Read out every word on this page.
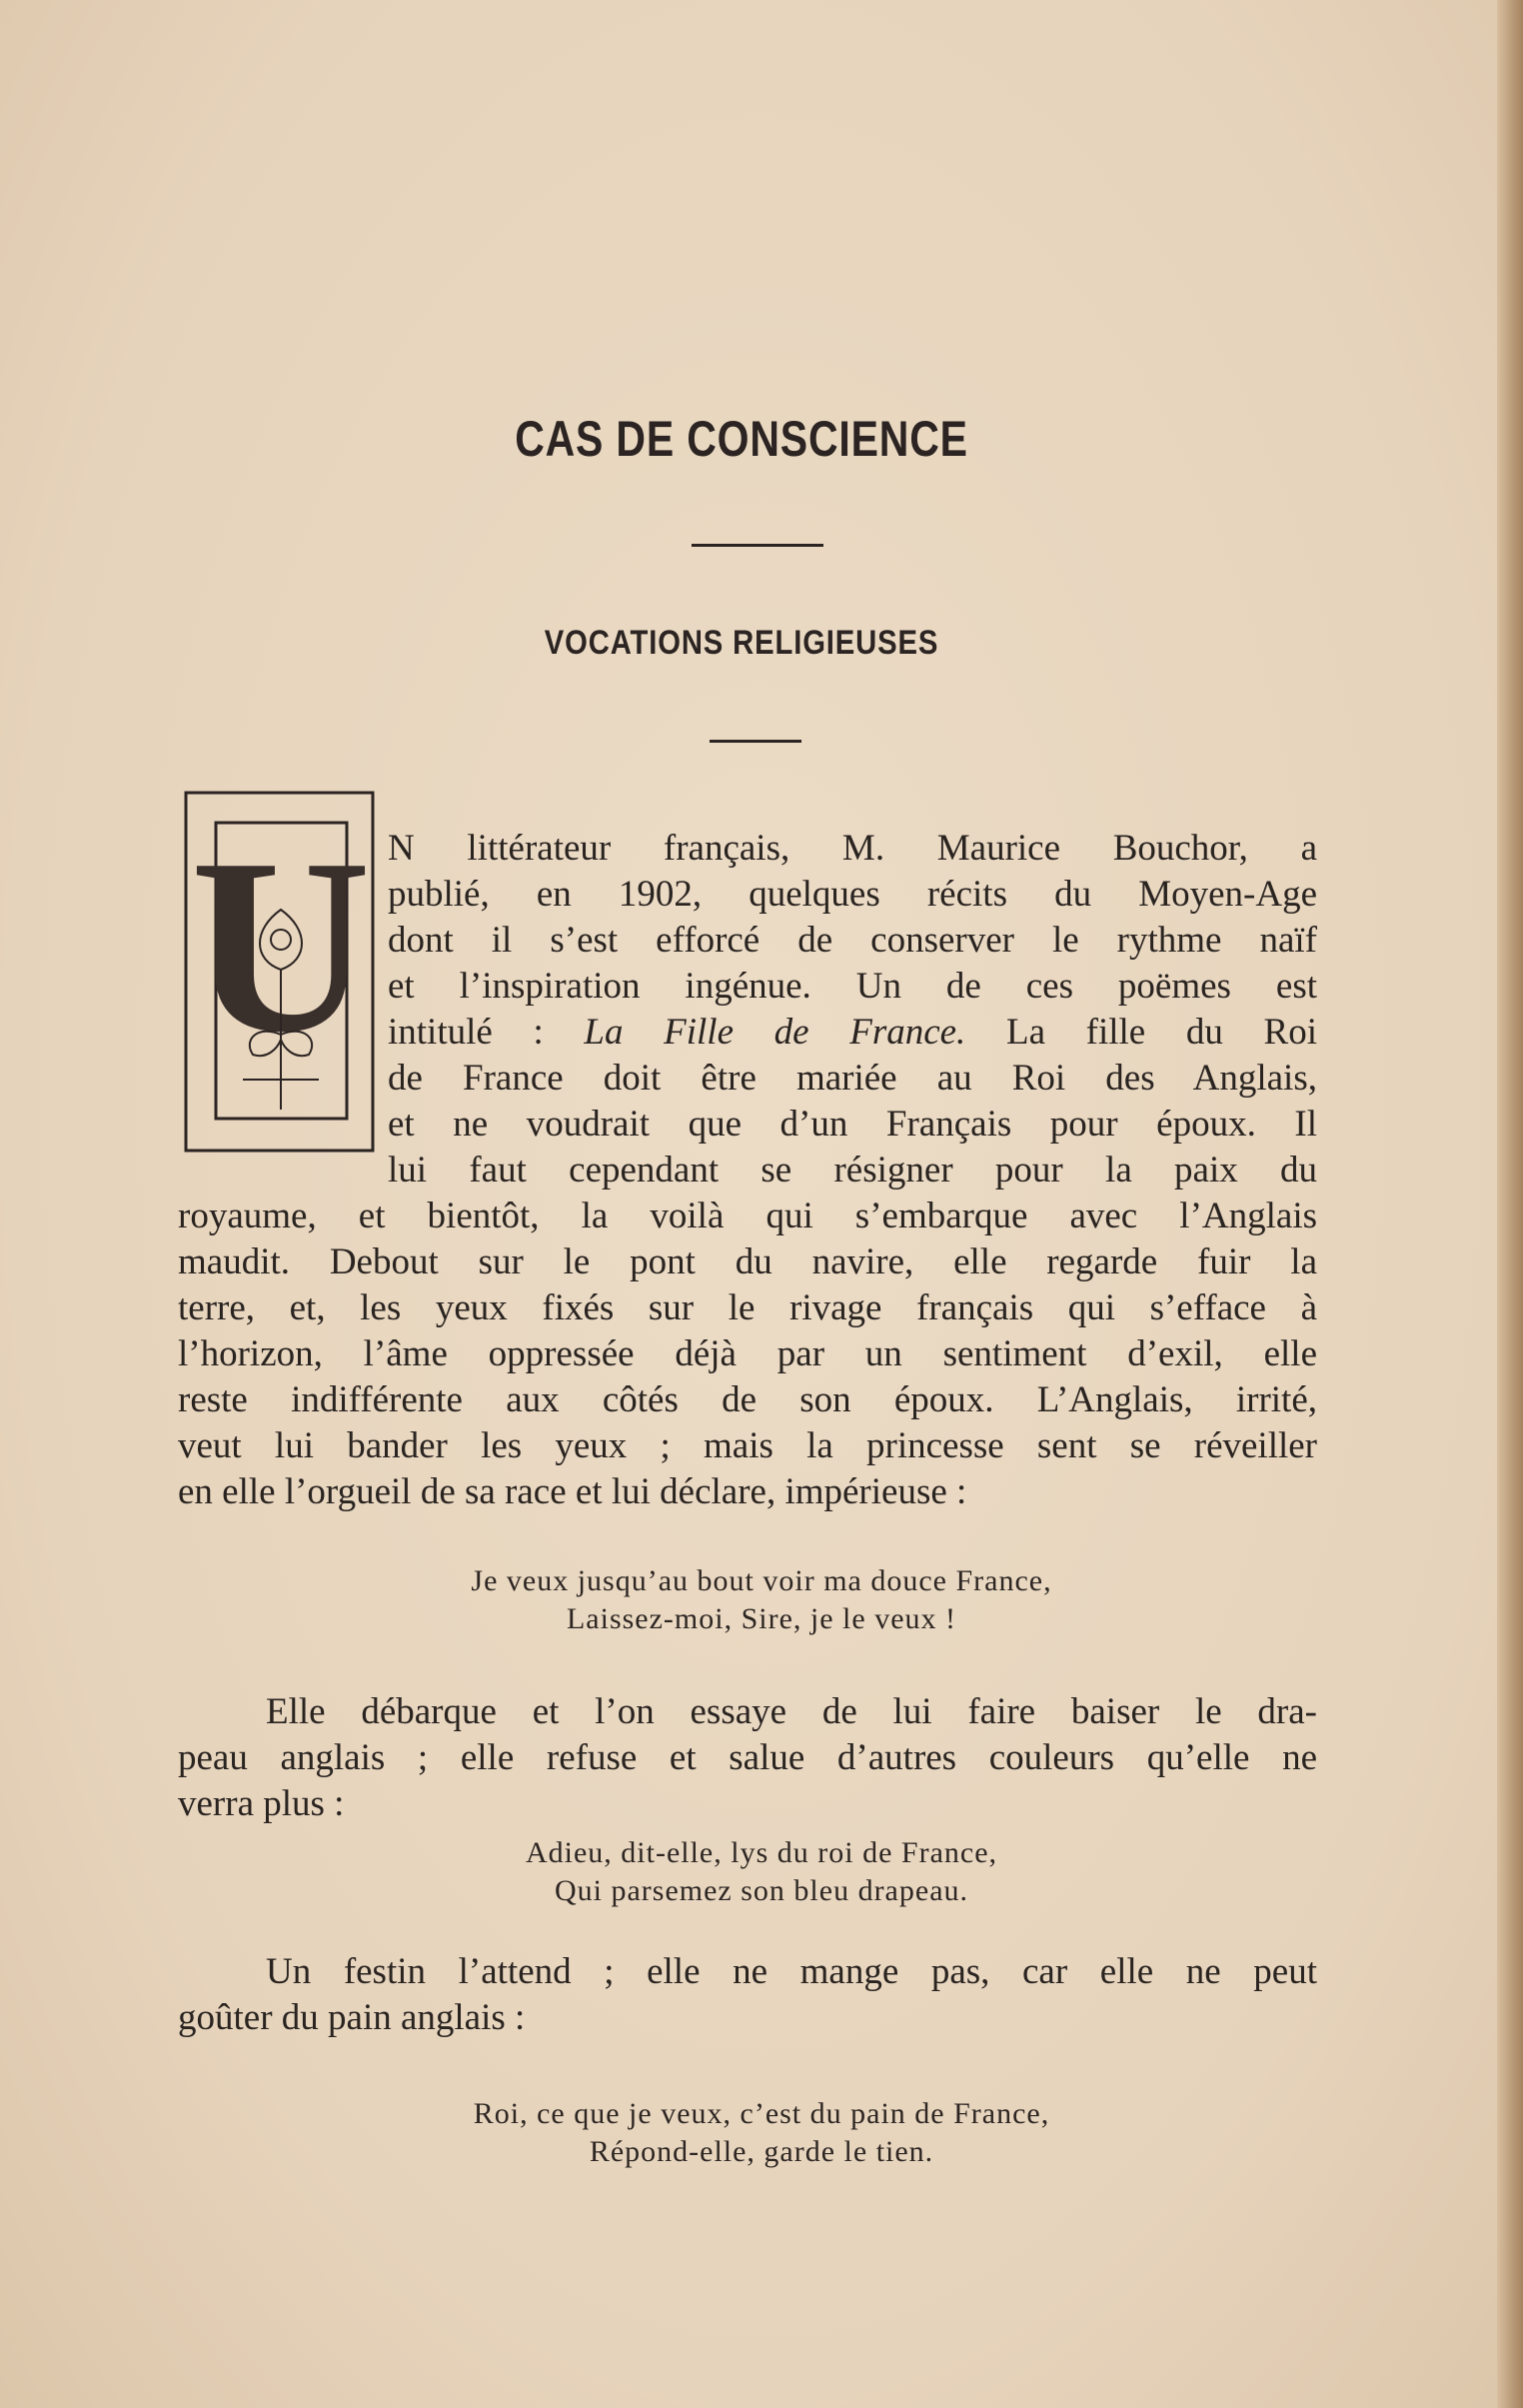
CAS DE CONSCIENCE
VOCATIONS RELIGIEUSES
U N littérateur français, M. Maurice Bouchor, a
publié, en 1902, quelques récits du Moyen-Age
dont il s’est efforcé de conserver le rythme naïf
et l’inspiration ingénue. Un de ces poëmes est
intitulé : La Fille de France. La fille du Roi
de France doit être mariée au Roi des Anglais,
et ne voudrait que d’un Français pour époux. Il
lui faut cependant se résigner pour la paix du
royaume, et bientôt, la voilà qui s’embarque avec l’Anglais
maudit. Debout sur le pont du navire, elle regarde fuir la
terre, et, les yeux fixés sur le rivage français qui s’efface à
l’horizon, l’âme oppressée déjà par un sentiment d’exil, elle
reste indifférente aux côtés de son époux. L’Anglais, irrité,
veut lui bander les yeux ; mais la princesse sent se réveiller
en elle l’orgueil de sa race et lui déclare, impérieuse :
Je veux jusqu’au bout voir ma douce France,
Laissez-moi, Sire, je le veux !
Elle débarque et l’on essaye de lui faire baiser le dra-
peau anglais ; elle refuse et salue d’autres couleurs qu’elle ne
verra plus :
Adieu, dit-elle, lys du roi de France,
Qui parsemez son bleu drapeau.
Un festin l’attend ; elle ne mange pas, car elle ne peut
goûter du pain anglais :
Roi, ce que je veux, c’est du pain de France,
Répond-elle, garde le tien.
